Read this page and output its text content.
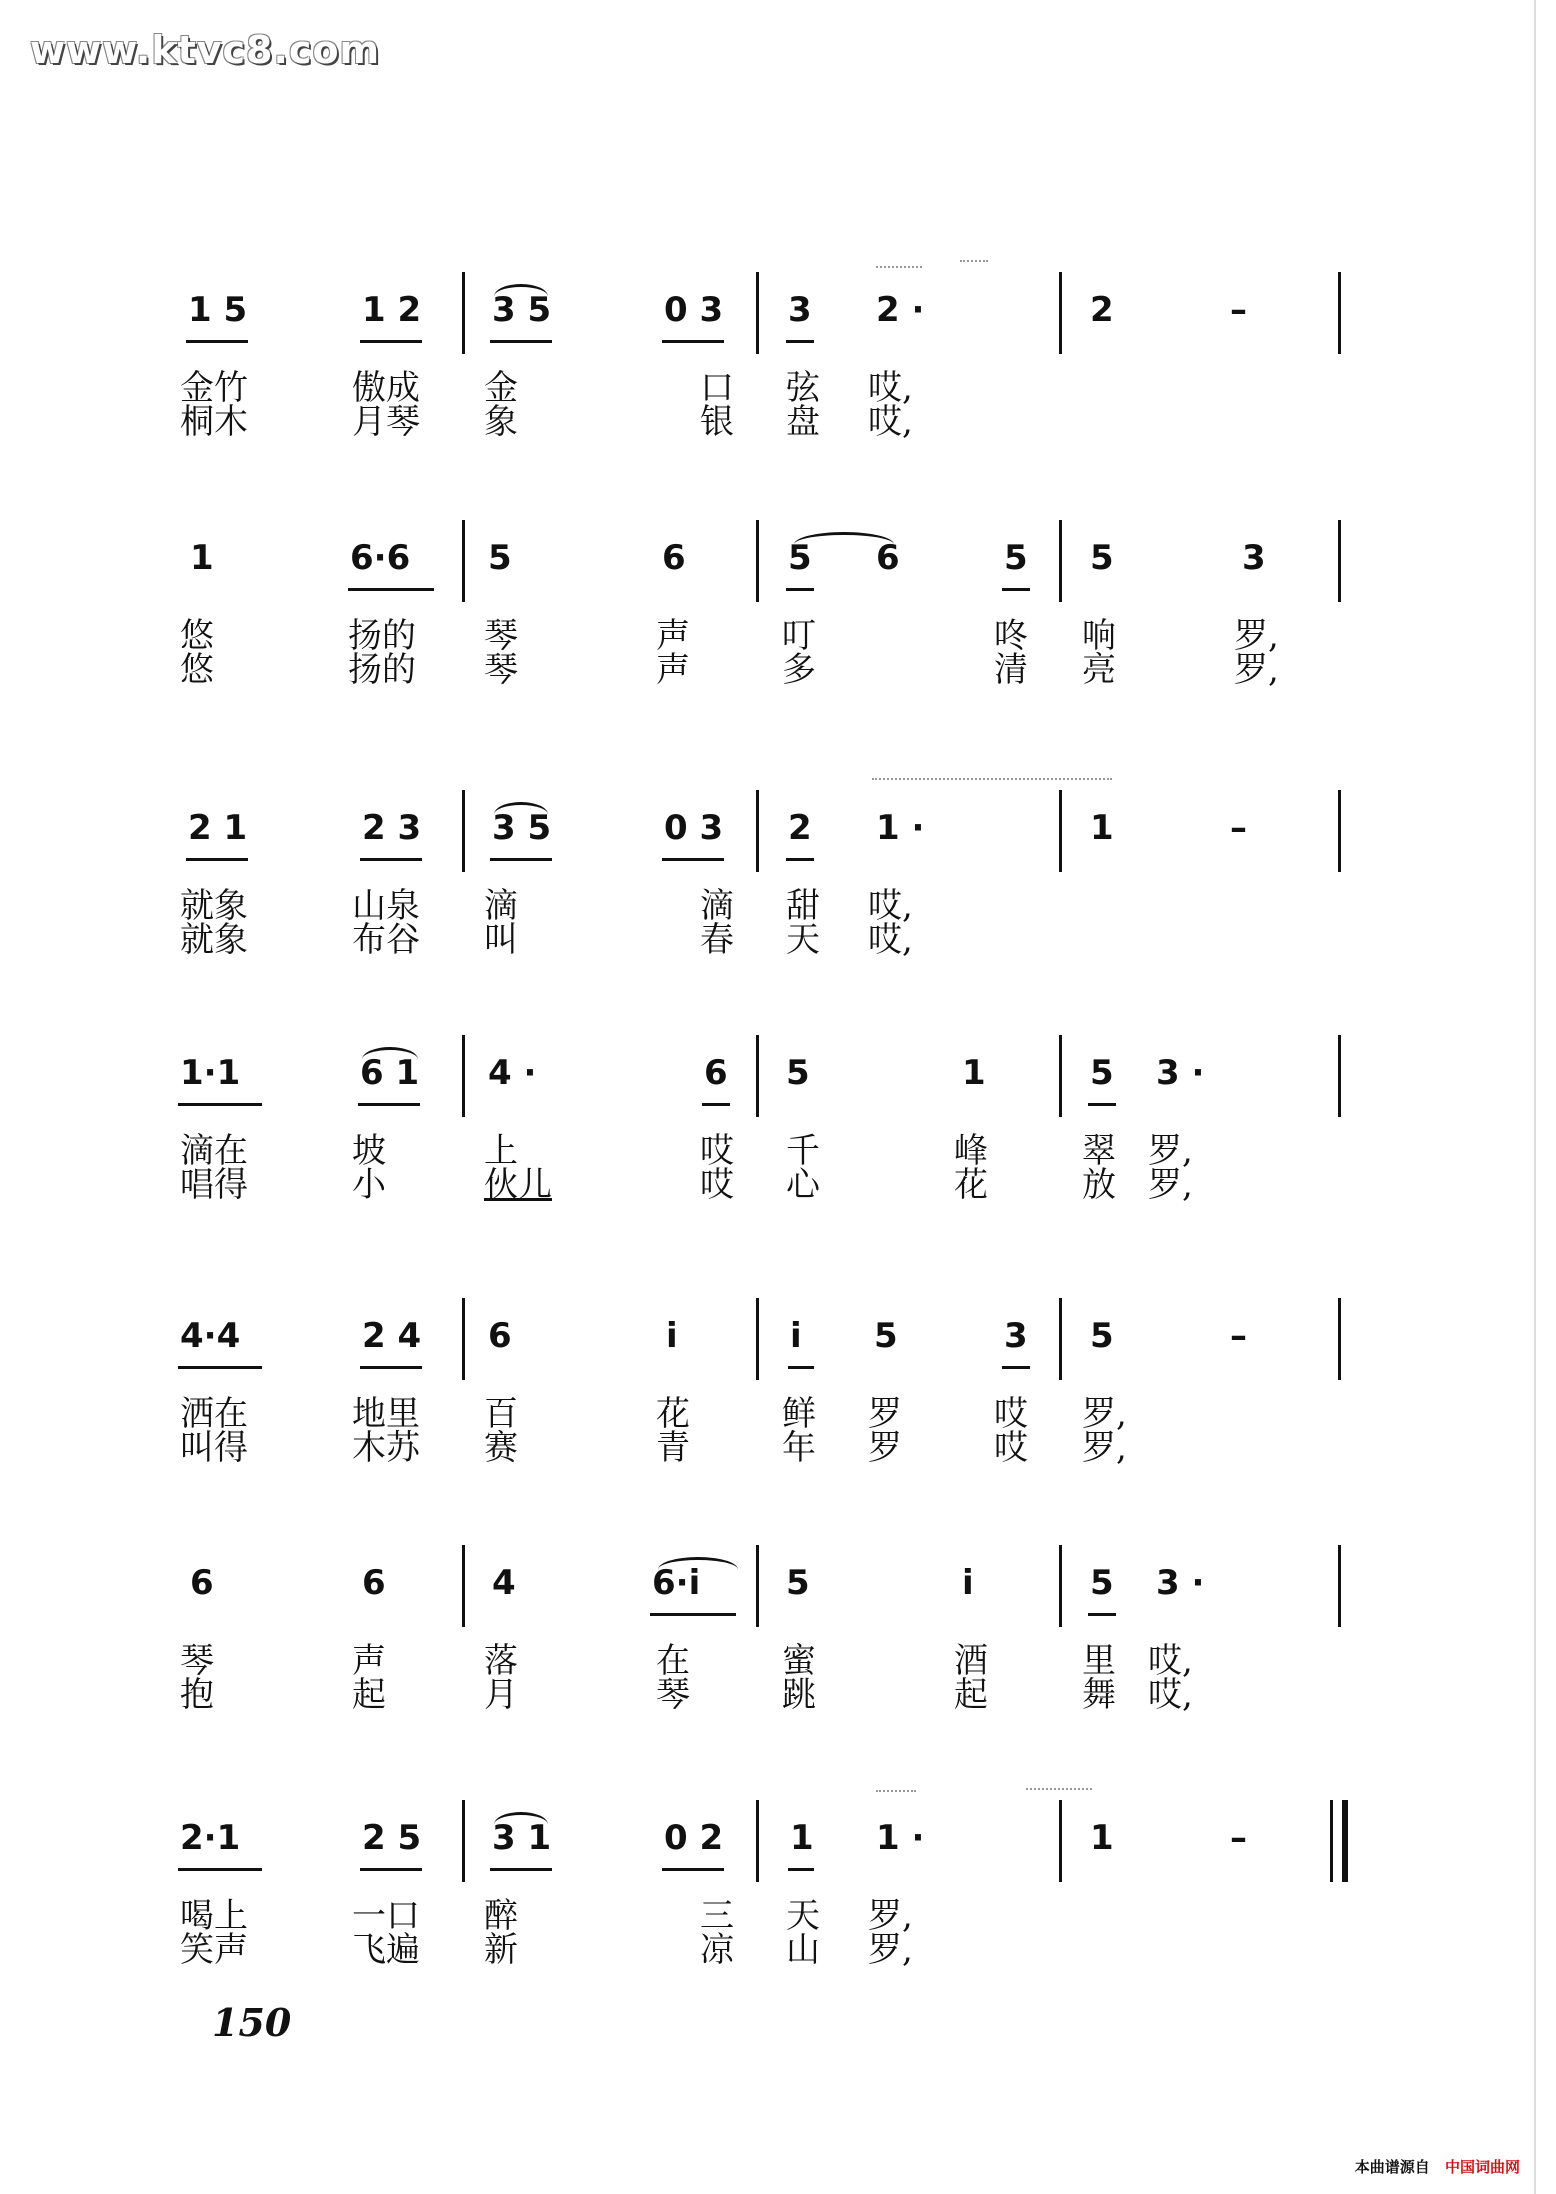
www.ktvc8.com
1 5	1 2 3 5	0 3 3 2 ·	2	–
金竹	傲成 金	口 弦 哎,
桐木	月琴 象	银 盘 哎,
1	6·6 5	6	5 6	5 5	3
悠	扬的 琴	声	叮	咚 响	罗,
悠	扬的 琴	声	多	清 亮	罗,
2 1	2 3 3 5	0 3 2 1 ·	1	–
就象	山泉 滴	滴 甜 哎,
就象	布谷 叫	春 天 哎,
1·1	6 1 4 ·	6 5	1	5 3 ·
滴在	坡	上	哎 千	峰	翠 罗,
唱得	小	伙儿	哎 心	花	放 罗,
4·4	2 4 6	i	i 5	3 5	–
洒在	地里 百	花	鲜 罗	哎 罗,
叫得	木苏 赛	青	年 罗	哎 罗,
6	6	4	6·i	5	i	5 3 ·
琴	声	落	在	蜜	酒	里 哎,
抱	起	月	琴	跳	起	舞 哎,
2·1	2 5 3 1	0 2 1 1 ·	1	–
喝上	一口 醉	三 天 罗,
笑声	飞遍 新	凉 山 罗,
150
本曲谱源自 中国词曲网
